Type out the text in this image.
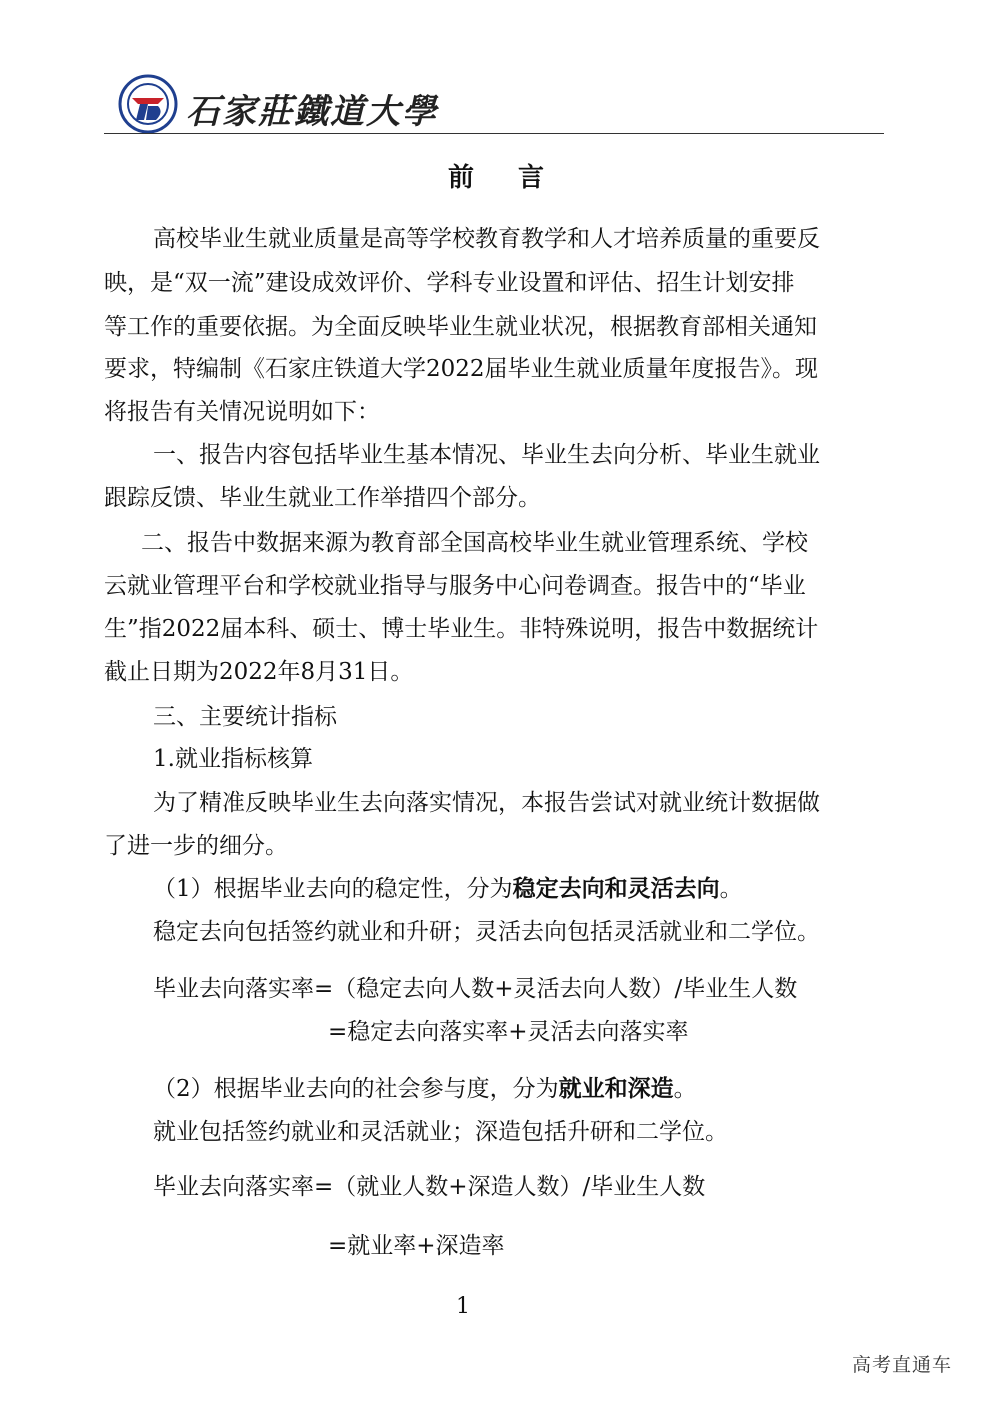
石家莊鐵道大學
前言
高校毕业生就业质量是高等学校教育教学和人才培养质量的重要反
映，是“双一流”建设成效评价、学科专业设置和评估、招生计划安排
等工作的重要依据。为全面反映毕业生就业状况，根据教育部相关通知
要求，特编制《石家庄铁道大学2022届毕业生就业质量年度报告》。现
将报告有关情况说明如下：
一、报告内容包括毕业生基本情况、毕业生去向分析、毕业生就业
跟踪反馈、毕业生就业工作举措四个部分。
二、报告中数据来源为教育部全国高校毕业生就业管理系统、学校
云就业管理平台和学校就业指导与服务中心问卷调查。报告中的“毕业
生”指2022届本科、硕士、博士毕业生。非特殊说明，报告中数据统计
截止日期为2022年8月31日。
三、主要统计指标
1.就业指标核算
为了精准反映毕业生去向落实情况，本报告尝试对就业统计数据做
了进一步的细分。
（1）根据毕业去向的稳定性，分为稳定去向和灵活去向。
稳定去向包括签约就业和升研；灵活去向包括灵活就业和二学位。
毕业去向落实率=（稳定去向人数+灵活去向人数）/毕业生人数
=稳定去向落实率+灵活去向落实率
（2）根据毕业去向的社会参与度，分为就业和深造。
就业包括签约就业和灵活就业；深造包括升研和二学位。
毕业去向落实率=（就业人数+深造人数）/毕业生人数
=就业率+深造率
1
高考直通车
